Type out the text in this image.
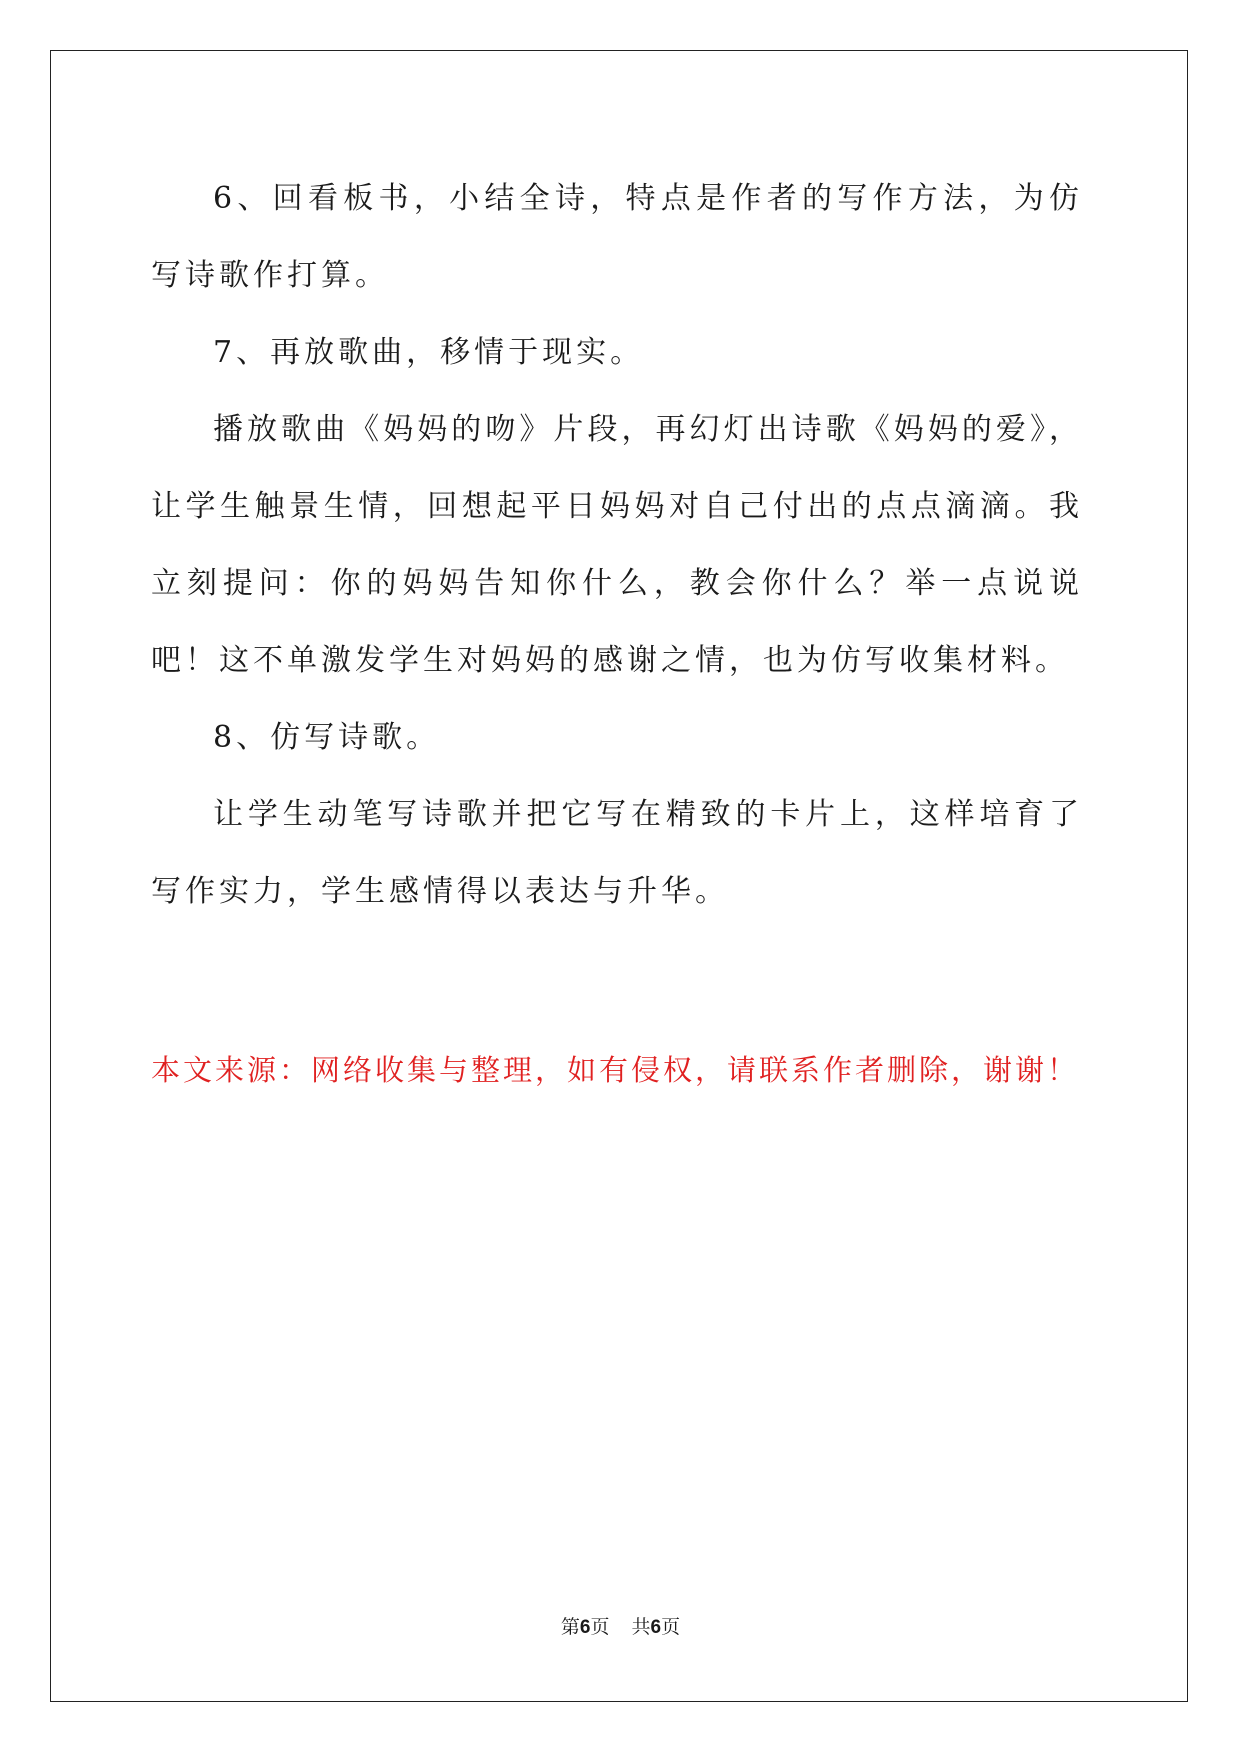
6、回看板书，小结全诗，特点是作者的写作方法，为仿写诗歌作打算。

7、再放歌曲，移情于现实。

播放歌曲《妈妈的吻》片段，再幻灯出诗歌《妈妈的爱》，让学生触景生情，回想起平日妈妈对自己付出的点点滴滴。我立刻提问：你的妈妈告知你什么，教会你什么？举一点说说吧！这不单激发学生对妈妈的感谢之情，也为仿写收集材料。

8、仿写诗歌。

让学生动笔写诗歌并把它写在精致的卡片上，这样培育了写作实力，学生感情得以表达与升华。

本文来源：网络收集与整理，如有侵权，请联系作者删除，谢谢！

第6页 共6页
